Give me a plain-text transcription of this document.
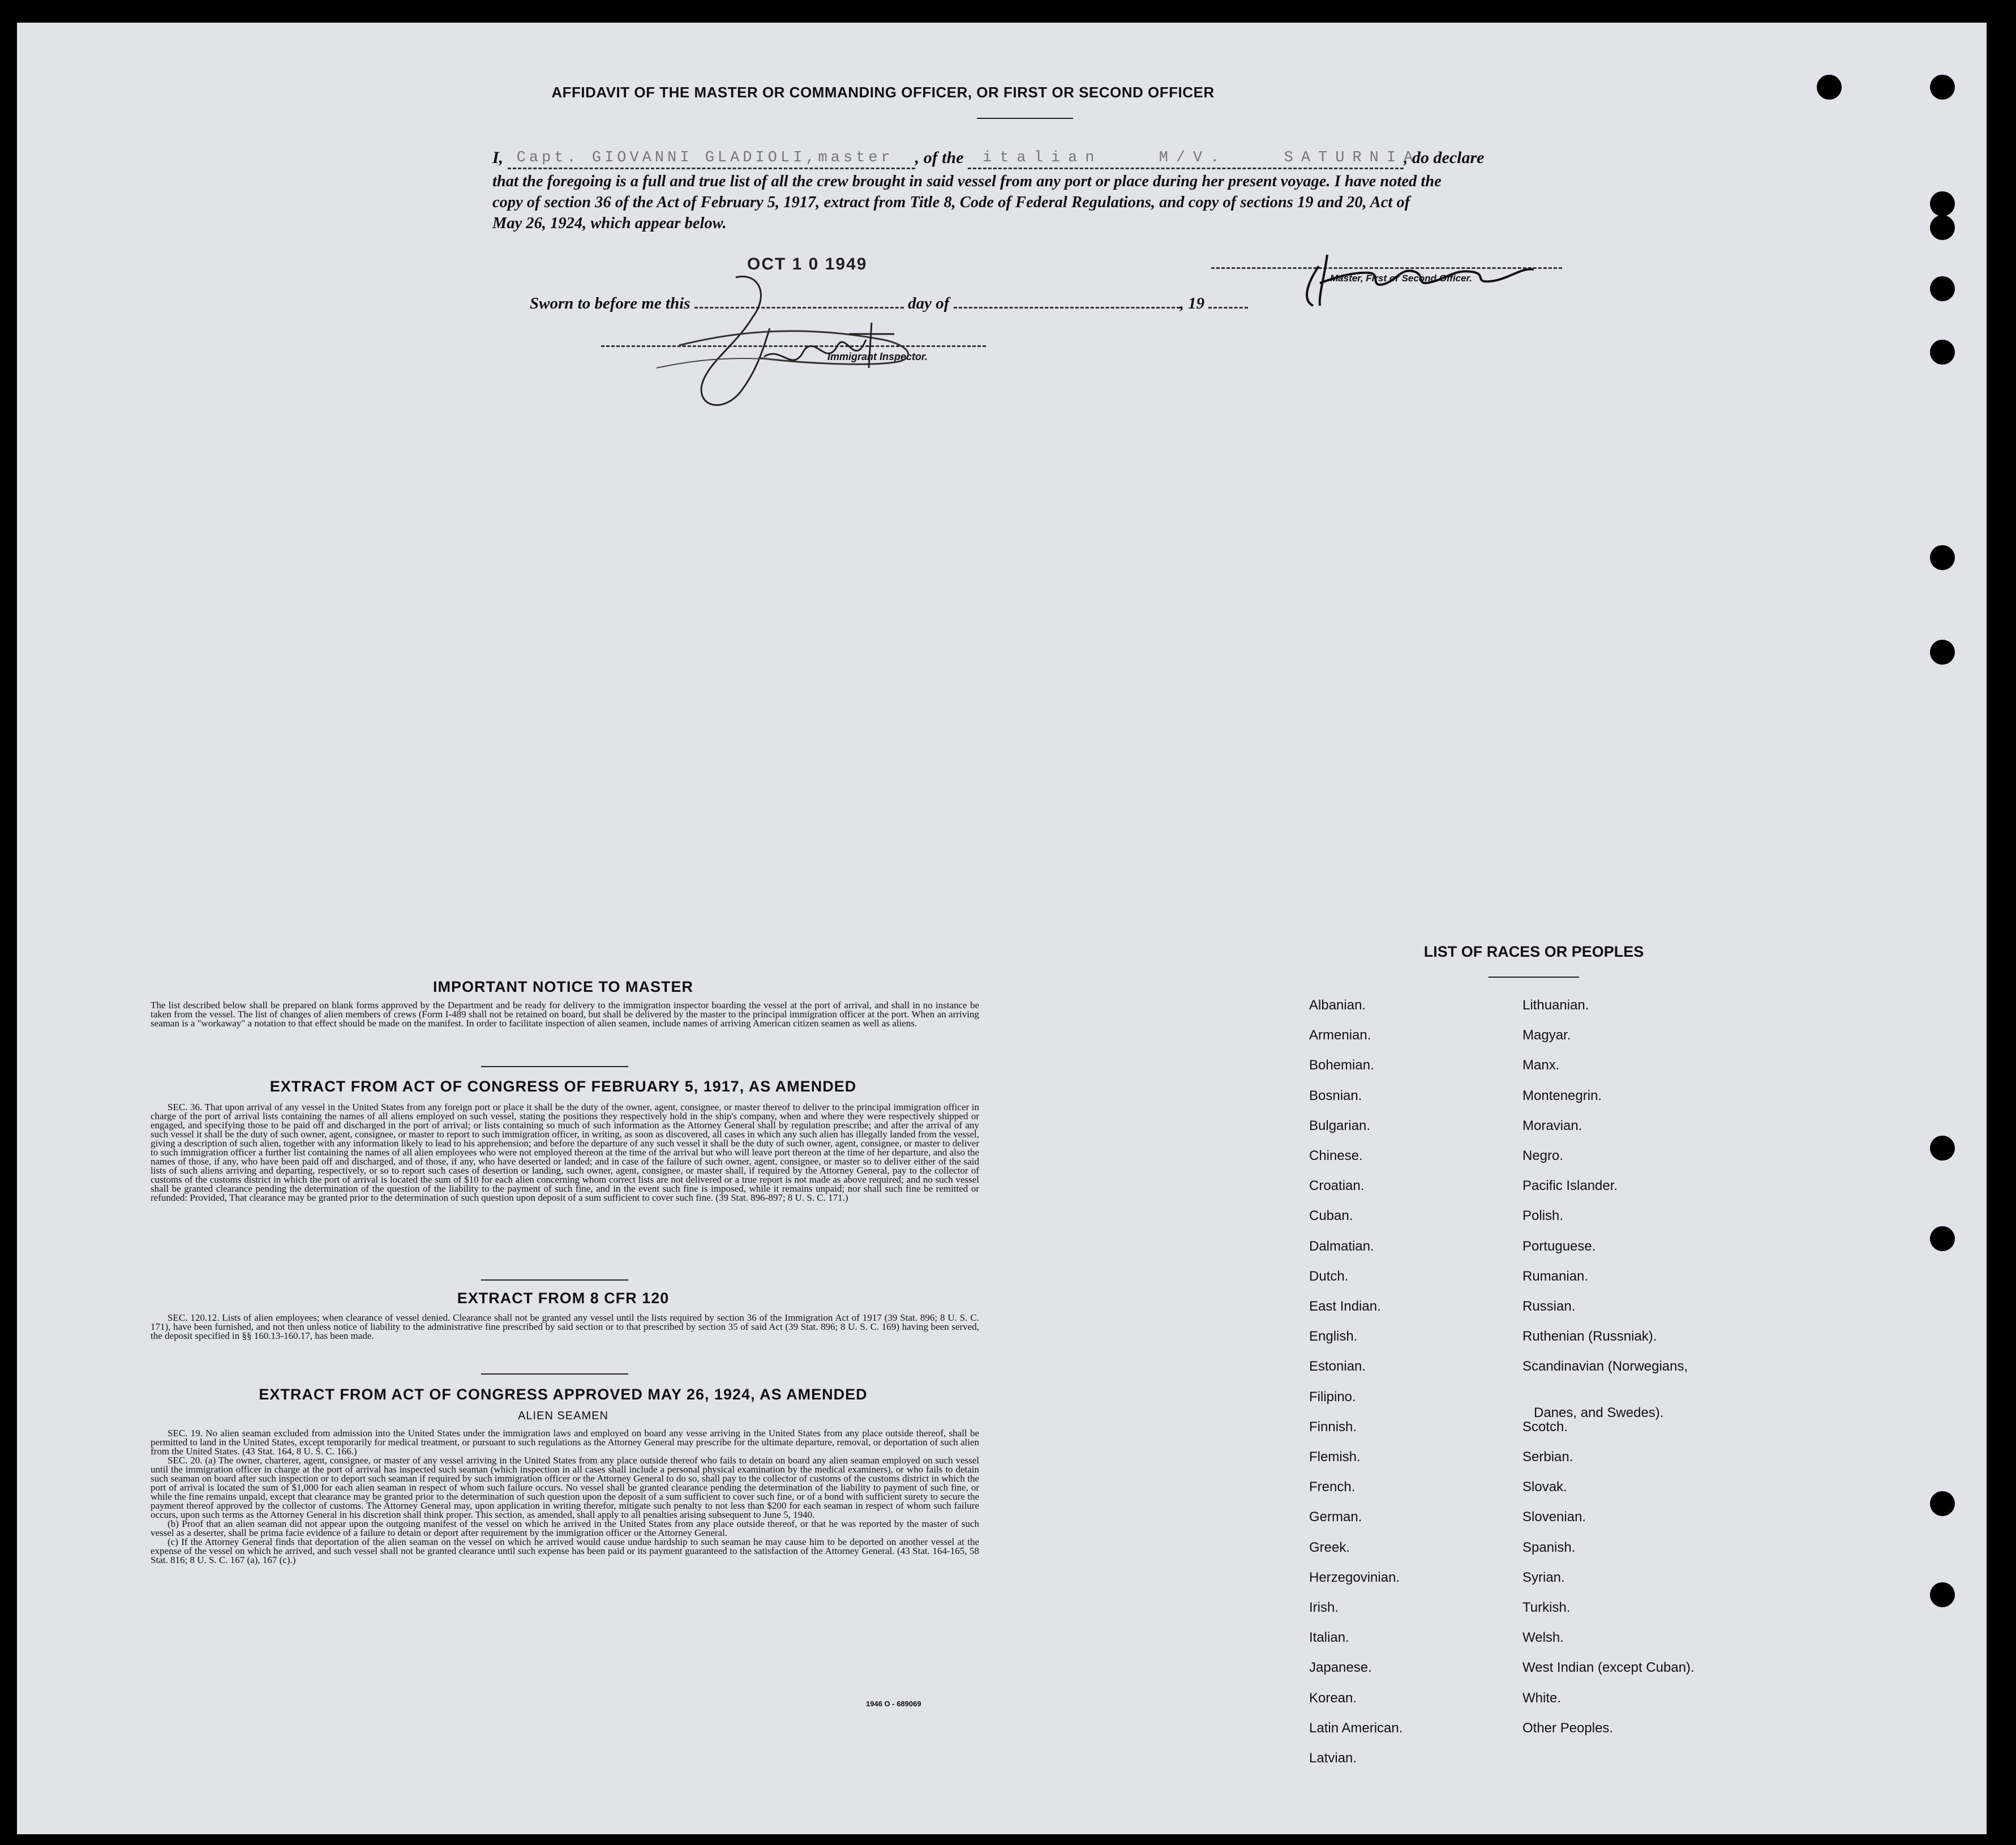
AFFIDAVIT OF THE MASTER OR COMMANDING OFFICER, OR FIRST OR SECOND OFFICER
I, Capt. GIOVANNI GLADIOLI,master , of the italian M/V. SATURNIA
, do declare
that the foregoing is a full and true list of all the crew brought in said vessel from any port or place during her present voyage. I have noted the
copy of section 36 of the Act of February 5, 1917, extract from Title 8, Code of Federal Regulations, and copy of sections 19 and 20, Act of
May 26, 1924, which appear below.
OCT 1 0 1949
Sworn to before me this	day of	, 19
Master, First or Second Officer.
Immigrant Inspector.
IMPORTANT NOTICE TO MASTER
The list described below shall be prepared on blank forms approved by the Department and be ready for delivery to the immigration inspector boarding the vessel at the port of arrival, and shall in no instance be taken from the vessel. The list of changes of alien members of crews (Form I-489 shall not be retained on board, but shall be delivered by the master to the principal immigration officer at the port. When an arriving seaman is a "workaway" a notation to that effect should be made on the manifest. In order to facilitate inspection of alien seamen, include names of arriving American citizen seamen as well as aliens.
EXTRACT FROM ACT OF CONGRESS OF FEBRUARY 5, 1917, AS AMENDED
SEC. 36. That upon arrival of any vessel in the United States from any foreign port or place it shall be the duty of the owner, agent, consignee, or master thereof to deliver to the principal immigration officer in charge of the port of arrival lists containing the names of all aliens employed on such vessel, stating the positions they respectively hold in the ship's company, when and where they were respectively shipped or engaged, and specifying those to be paid off and discharged in the port of arrival; or lists containing so much of such information as the Attorney General shall by regulation prescribe; and after the arrival of any such vessel it shall be the duty of such owner, agent, consignee, or master to report to such immigration officer, in writing, as soon as discovered, all cases in which any such alien has illegally landed from the vessel, giving a description of such alien, together with any information likely to lead to his apprehension; and before the departure of any such vessel it shall be the duty of such owner, agent, consignee, or master to deliver to such immigration officer a further list containing the names of all alien employees who were not employed thereon at the time of the arrival but who will leave port thereon at the time of her departure, and also the names of those, if any, who have been paid off and discharged, and of those, if any, who have deserted or landed; and in case of the failure of such owner, agent, consignee, or master so to deliver either of the said lists of such aliens arriving and departing, respectively, or so to report such cases of desertion or landing, such owner, agent, consignee, or master shall, if required by the Attorney General, pay to the collector of customs of the customs district in which the port of arrival is located the sum of $10 for each alien concerning whom correct lists are not delivered or a true report is not made as above required; and no such vessel shall be granted clearance pending the determination of the question of the liability to the payment of such fine, and in the event such fine is imposed, while it remains unpaid; nor shall such fine be remitted or refunded: Provided, That clearance may be granted prior to the determination of such question upon deposit of a sum sufficient to cover such fine. (39 Stat. 896-897; 8 U. S. C. 171.)
EXTRACT FROM 8 CFR 120
SEC. 120.12. Lists of alien employees; when clearance of vessel denied. Clearance shall not be granted any vessel until the lists required by section 36 of the Immigration Act of 1917 (39 Stat. 896; 8 U. S. C. 171), have been furnished, and not then unless notice of liability to the administrative fine prescribed by said section or to that prescribed by section 35 of said Act (39 Stat. 896; 8 U. S. C. 169) having been served, the deposit specified in §§ 160.13-160.17, has been made.
EXTRACT FROM ACT OF CONGRESS APPROVED MAY 26, 1924, AS AMENDED
ALIEN SEAMEN
SEC. 19. No alien seaman excluded from admission into the United States under the immigration laws and employed on board any vesse arriving in the United States from any place outside thereof, shall be permitted to land in the United States, except temporarily for medical treatment, or pursuant to such regulations as the Attorney General may prescribe for the ultimate departure, removal, or deportation of such alien from the United States. (43 Stat. 164, 8 U. S. C. 166.)
SEC. 20. (a) The owner, charterer, agent, consignee, or master of any vessel arriving in the United States from any place outside thereof who fails to detain on board any alien seaman employed on such vessel until the immigration officer in charge at the port of arrival has inspected such seaman (which inspection in all cases shall include a personal physical examination by the medical examiners), or who fails to detain such seaman on board after such inspection or to deport such seaman if required by such immigration officer or the Attorney General to do so, shall pay to the collector of customs of the customs district in which the port of arrival is located the sum of $1,000 for each alien seaman in respect of whom such failure occurs. No vessel shall be granted clearance pending the determination of the liability to payment of such fine, or while the fine remains unpaid, except that clearance may be granted prior to the determination of such question upon the deposit of a sum sufficient to cover such fine, or of a bond with sufficient surety to secure the payment thereof approved by the collector of customs. The Attorney General may, upon application in writing therefor, mitigate such penalty to not less than $200 for each seaman in respect of whom such failure occurs, upon such terms as the Attorney General in his discretion shall think proper. This section, as amended, shall apply to all penalties arising subsequent to June 5, 1940.
(b) Proof that an alien seaman did not appear upon the outgoing manifest of the vessel on which he arrived in the United States from any place outside thereof, or that he was reported by the master of such vessel as a deserter, shall be prima facie evidence of a failure to detain or deport after requirement by the immigration officer or the Attorney General.
(c) If the Attorney General finds that deportation of the alien seaman on the vessel on which he arrived would cause undue hardship to such seaman he may cause him to be deported on another vessel at the expense of the vessel on which he arrived, and such vessel shall not be granted clearance until such expense has been paid or its payment guaranteed to the satisfaction of the Attorney General. (43 Stat. 164-165, 58 Stat. 816; 8 U. S. C. 167 (a), 167 (c).)
1946 O - 689069
LIST OF RACES OR PEOPLES
Albanian.
Armenian.
Bohemian.
Bosnian.
Bulgarian.
Chinese.
Croatian.
Cuban.
Dalmatian.
Dutch.
East Indian.
English.
Estonian.
Filipino.
Finnish.
Flemish.
French.
German.
Greek.
Herzegovinian.
Irish.
Italian.
Japanese.
Korean.
Latin American.
Latvian.
Lithuanian.
Magyar.
Manx.
Montenegrin.
Moravian.
Negro.
Pacific Islander.
Polish.
Portuguese.
Rumanian.
Russian.
Ruthenian (Russniak).
Scandinavian (Norwegians,
Danes, and Swedes).
Scotch.
Serbian.
Slovak.
Slovenian.
Spanish.
Syrian.
Turkish.
Welsh.
West Indian (except Cuban).
White.
Other Peoples.
